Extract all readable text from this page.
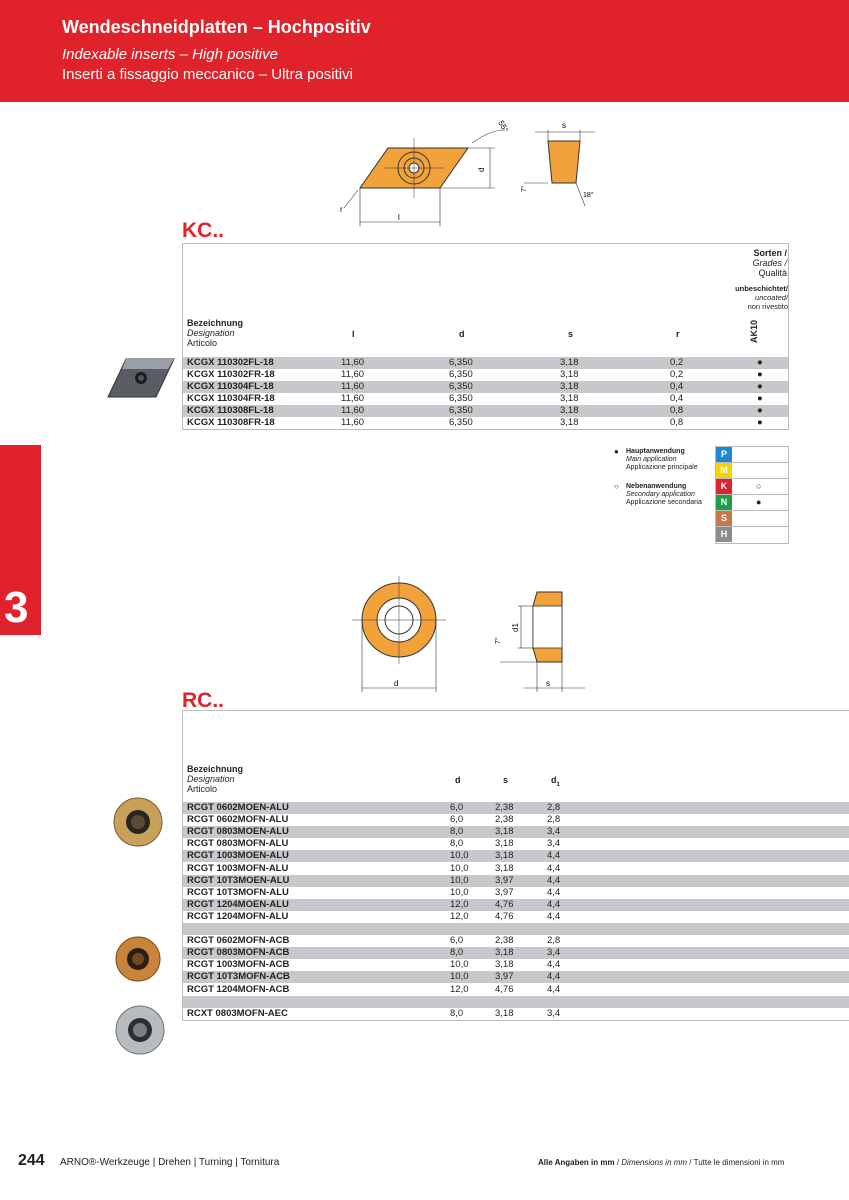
Wendeschneidplatten – Hochpositiv
Indexable inserts – High positive
Inserti a fissaggio meccanico – Ultra positivi
3
d
l
55°
r
s
7°
18°
KC..
Sorten /
Grades /
Qualità
unbeschichtet/
uncoated/
non rivestito
AK10
Bezeichnung
Designation
Articolo
l	d	s	r
KCGX 110302FL-18	11,60	6,350	3,18	0,2	●
KCGX 110302FR-18	11,60	6,350	3,18	0,2	●
KCGX 110304FL-18	11,60	6,350	3,18	0,4	●
KCGX 110304FR-18	11,60	6,350	3,18	0,4	●
KCGX 110308FL-18	11,60	6,350	3,18	0,8	●
KCGX 110308FR-18	11,60	6,350	3,18	0,8	●
● Hauptanwendung
Main application
Applicazione principale
○ Nebenanwendung
Secondary application
Applicazione secondaria
P
M
K	○
N	●
S
H
d
d1
7°
s
RC..
Bezeichnung
Designation
Articolo
d	s	$d_1$
RCGT 0602MOEN-ALU	6,0	2,38	2,8
RCGT 0602MOFN-ALU	6,0	2,38	2,8
RCGT 0803MOEN-ALU	8,0	3,18	3,4
RCGT 0803MOFN-ALU	8,0	3,18	3,4
RCGT 1003MOEN-ALU	10,0	3,18	4,4
RCGT 1003MOFN-ALU	10,0	3,18	4,4
RCGT 10T3MOEN-ALU	10,0	3,97	4,4
RCGT 10T3MOFN-ALU	10,0	3,97	4,4
RCGT 1204MOEN-ALU	12,0	4,76	4,4
RCGT 1204MOFN-ALU	12,0	4,76	4,4
RCGT 0602MOFN-ACB	6,0	2,38	2,8
RCGT 0803MOFN-ACB	8,0	3,18	3,4
RCGT 1003MOFN-ACB	10,0	3,18	4,4
RCGT 10T3MOFN-ACB	10,0	3,97	4,4
RCGT 1204MOFN-ACB	12,0	4,76	4,4
RCXT 0803MOFN-AEC	8,0	3,18	3,4
244 ARNO®-Werkzeuge | Drehen | Turning | Tornitura	Alle Angaben in mm / Dimensions in mm / Tutte le dimensioni in mm
